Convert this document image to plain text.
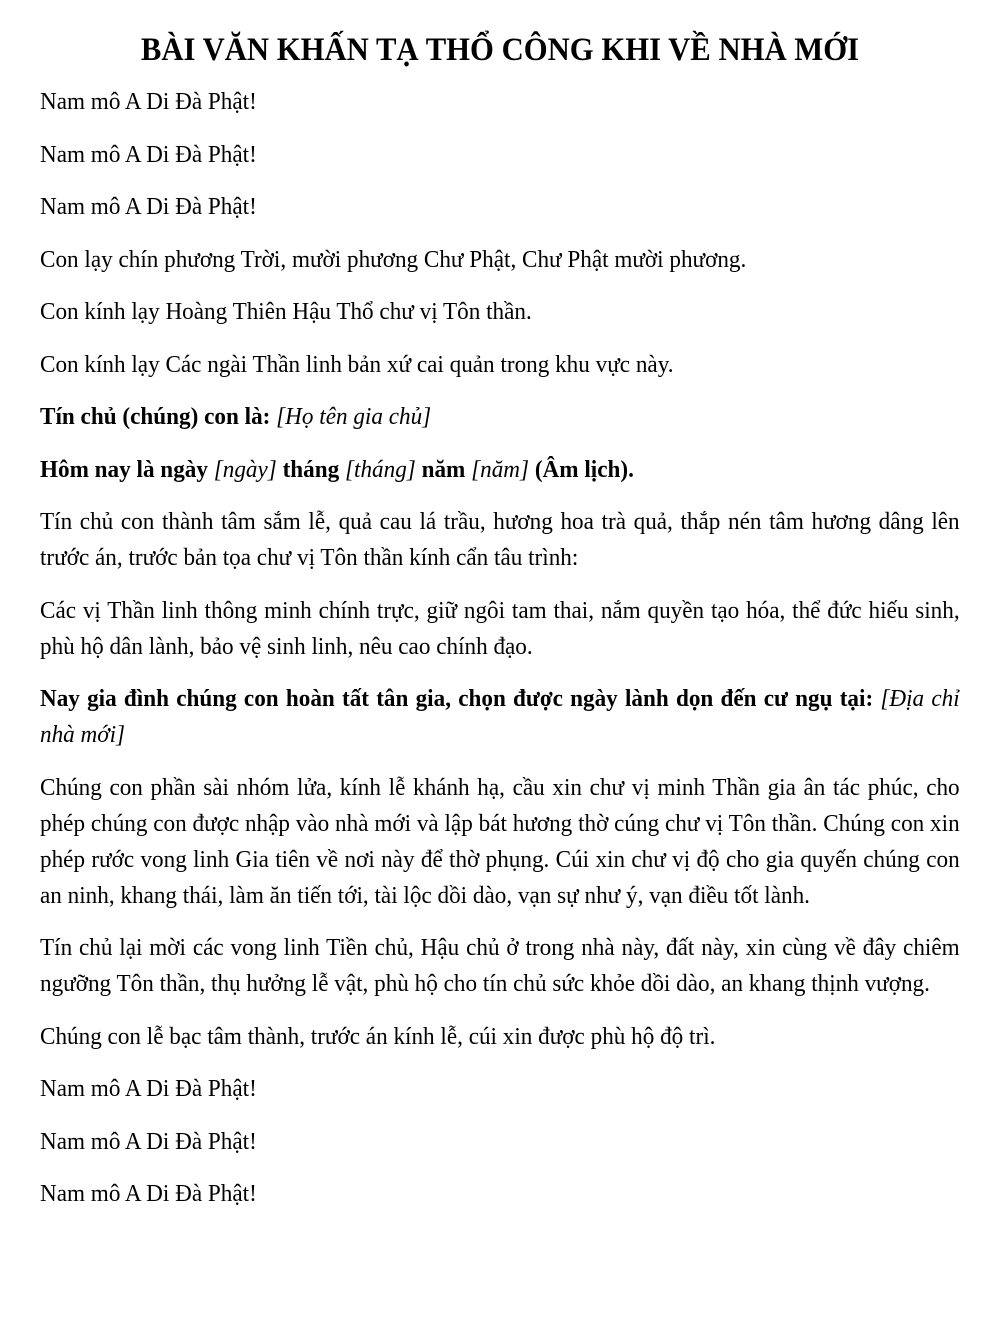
BÀI VĂN KHẤN TẠ THỔ CÔNG KHI VỀ NHÀ MỚI

Nam mô A Di Đà Phật!

Nam mô A Di Đà Phật!

Nam mô A Di Đà Phật!

Con lạy chín phương Trời, mười phương Chư Phật, Chư Phật mười phương.

Con kính lạy Hoàng Thiên Hậu Thổ chư vị Tôn thần.

Con kính lạy Các ngài Thần linh bản xứ cai quản trong khu vực này.

Tín chủ (chúng) con là: [Họ tên gia chủ]

Hôm nay là ngày [ngày] tháng [tháng] năm [năm] (Âm lịch).

Tín chủ con thành tâm sắm lễ, quả cau lá trầu, hương hoa trà quả, thắp nén tâm hương dâng lên trước án, trước bản tọa chư vị Tôn thần kính cẩn tâu trình:

Các vị Thần linh thông minh chính trực, giữ ngôi tam thai, nắm quyền tạo hóa, thể đức hiếu sinh, phù hộ dân lành, bảo vệ sinh linh, nêu cao chính đạo.

Nay gia đình chúng con hoàn tất tân gia, chọn được ngày lành dọn đến cư ngụ tại: [Địa chỉ nhà mới]

Chúng con phần sài nhóm lửa, kính lễ khánh hạ, cầu xin chư vị minh Thần gia ân tác phúc, cho phép chúng con được nhập vào nhà mới và lập bát hương thờ cúng chư vị Tôn thần. Chúng con xin phép rước vong linh Gia tiên về nơi này để thờ phụng. Cúi xin chư vị độ cho gia quyến chúng con an ninh, khang thái, làm ăn tiến tới, tài lộc dồi dào, vạn sự như ý, vạn điều tốt lành.

Tín chủ lại mời các vong linh Tiền chủ, Hậu chủ ở trong nhà này, đất này, xin cùng về đây chiêm ngưỡng Tôn thần, thụ hưởng lễ vật, phù hộ cho tín chủ sức khỏe dồi dào, an khang thịnh vượng.

Chúng con lễ bạc tâm thành, trước án kính lễ, cúi xin được phù hộ độ trì.

Nam mô A Di Đà Phật!

Nam mô A Di Đà Phật!

Nam mô A Di Đà Phật!
